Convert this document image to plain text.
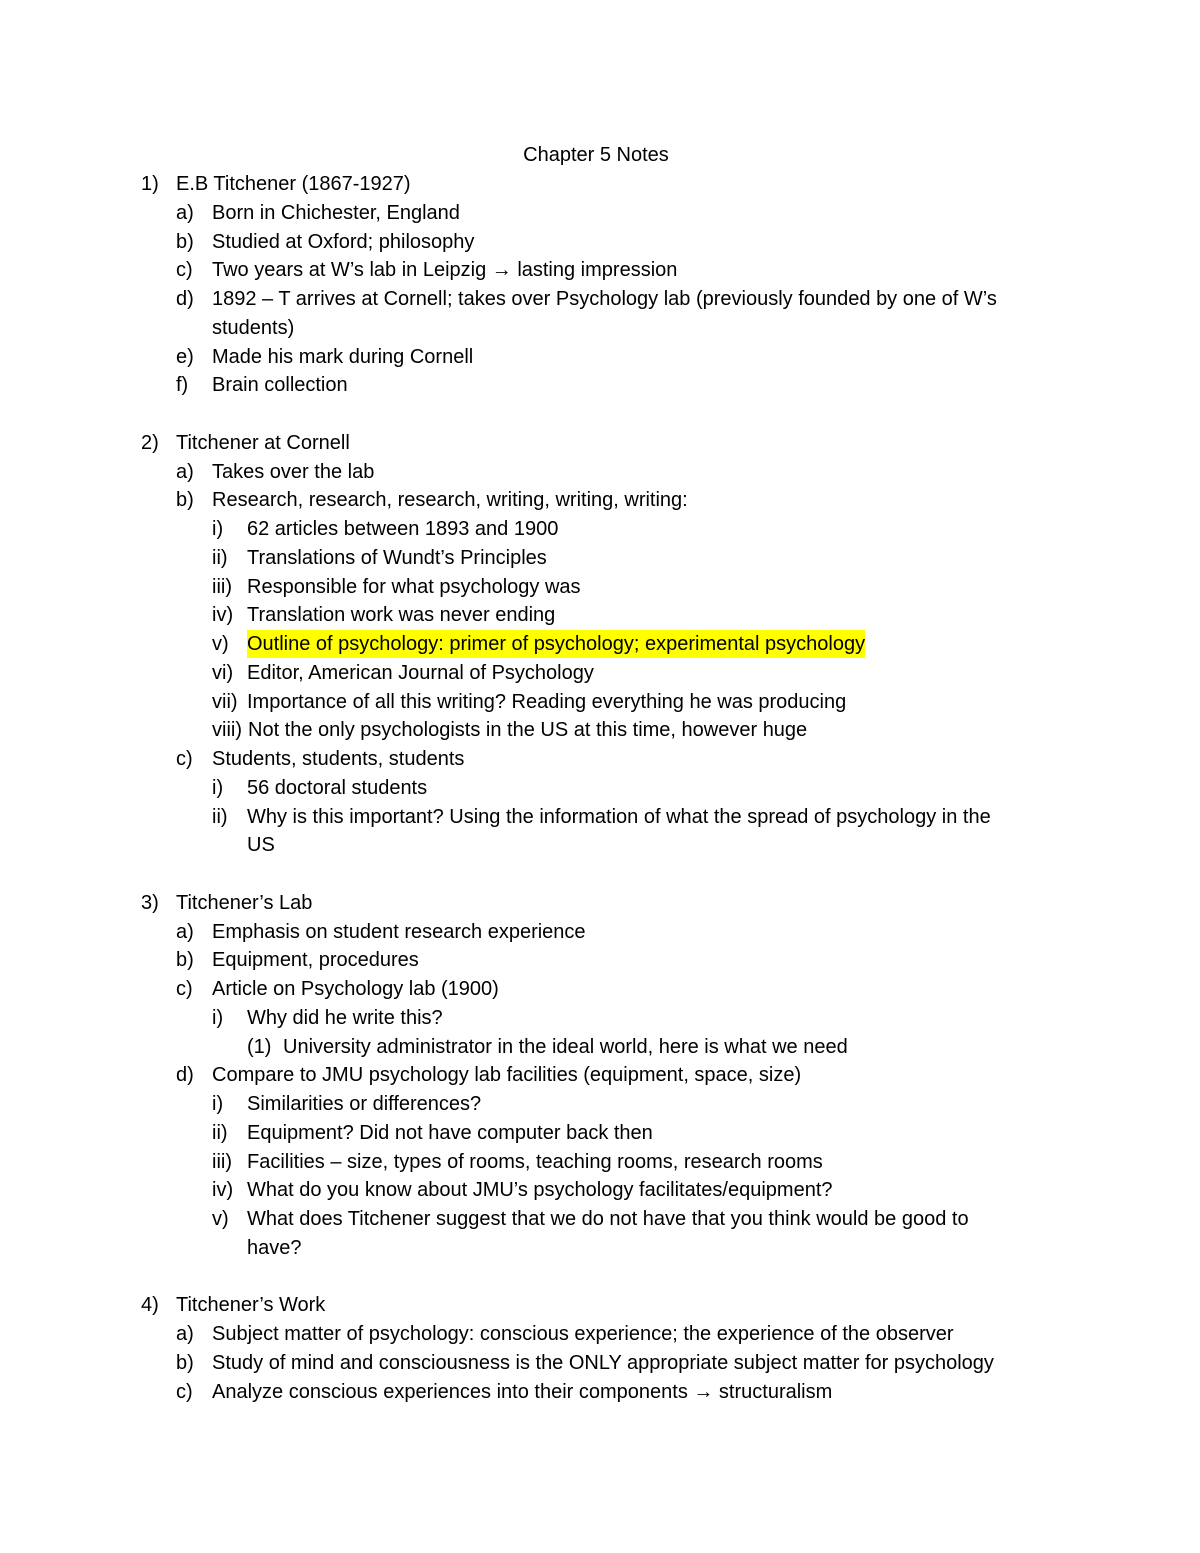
Chapter 5 Notes
1) E.B Titchener (1867-1927)
a) Born in Chichester, England
b) Studied at Oxford; philosophy
c) Two years at W’s lab in Leipzig → lasting impression
d) 1892 – T arrives at Cornell; takes over Psychology lab (previously founded by one of W’s
students)
e) Made his mark during Cornell
f) Brain collection
2) Titchener at Cornell
a) Takes over the lab
b) Research, research, research, writing, writing, writing:
i) 62 articles between 1893 and 1900
ii) Translations of Wundt’s Principles
iii) Responsible for what psychology was
iv) Translation work was never ending
v) Outline of psychology: primer of psychology; experimental psychology
vi) Editor, American Journal of Psychology
vii) Importance of all this writing? Reading everything he was producing
viii) Not the only psychologists in the US at this time, however huge
c) Students, students, students
i) 56 doctoral students
ii) Why is this important? Using the information of what the spread of psychology in the
US
3) Titchener’s Lab
a) Emphasis on student research experience
b) Equipment, procedures
c) Article on Psychology lab (1900)
i) Why did he write this?
(1) University administrator in the ideal world, here is what we need
d) Compare to JMU psychology lab facilities (equipment, space, size)
i) Similarities or differences?
ii) Equipment? Did not have computer back then
iii) Facilities – size, types of rooms, teaching rooms, research rooms
iv) What do you know about JMU’s psychology facilitates/equipment?
v) What does Titchener suggest that we do not have that you think would be good to
have?
4) Titchener’s Work
a) Subject matter of psychology: conscious experience; the experience of the observer
b) Study of mind and consciousness is the ONLY appropriate subject matter for psychology
c) Analyze conscious experiences into their components → structuralism
